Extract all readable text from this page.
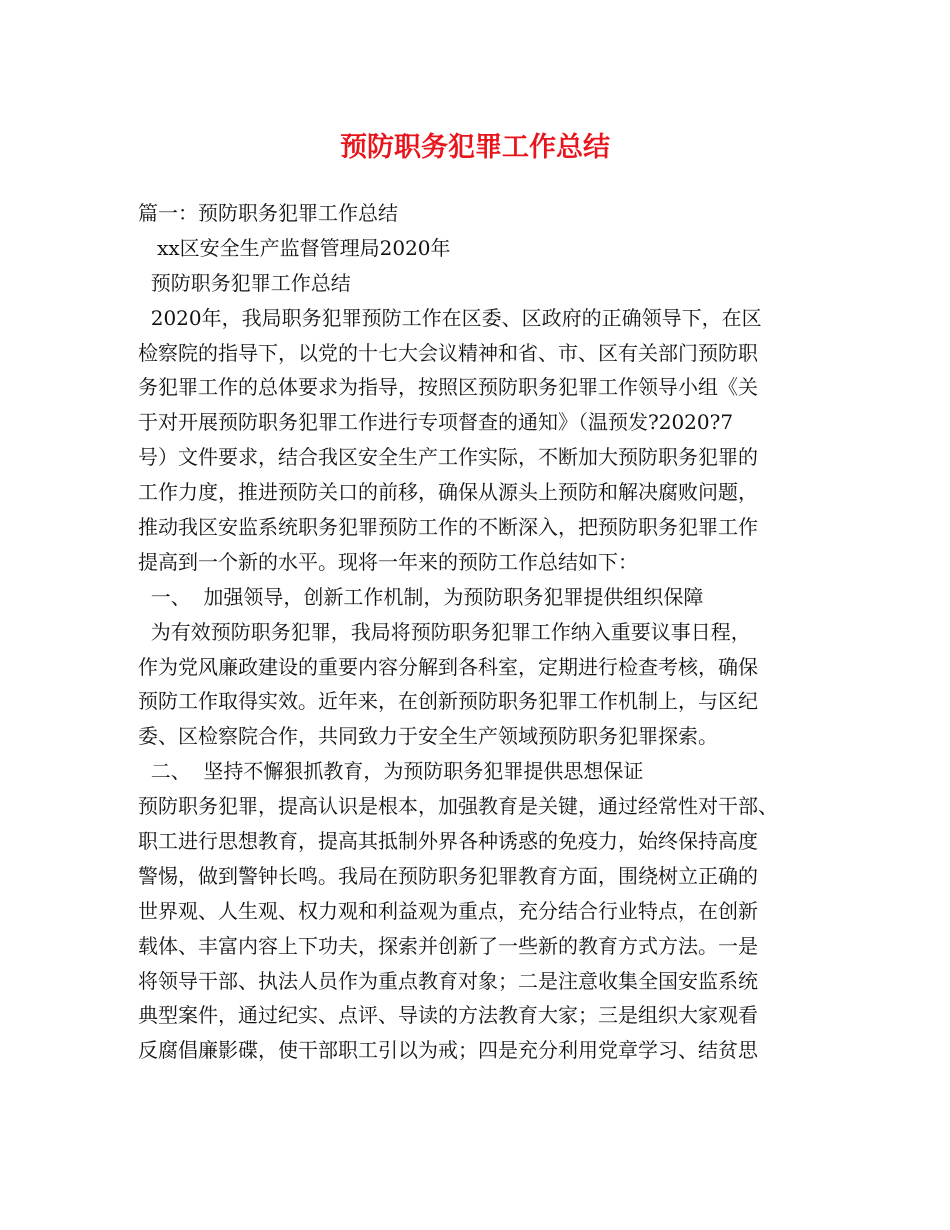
预防职务犯罪工作总结
篇一：预防职务犯罪工作总结
xx区安全生产监督管理局2020年
预防职务犯罪工作总结
2020年，我局职务犯罪预防工作在区委、区政府的正确领导下，在区
检察院的指导下，以党的十七大会议精神和省、市、区有关部门预防职
务犯罪工作的总体要求为指导，按照区预防职务犯罪工作领导小组《关
于对开展预防职务犯罪工作进行专项督查的通知》（温预发?2020?7
号）文件要求，结合我区安全生产工作实际，不断加大预防职务犯罪的
工作力度，推进预防关口的前移，确保从源头上预防和解决腐败问题，
推动我区安监系统职务犯罪预防工作的不断深入，把预防职务犯罪工作
提高到一个新的水平。现将一年来的预防工作总结如下：
一、  加强领导，创新工作机制，为预防职务犯罪提供组织保障
为有效预防职务犯罪，我局将预防职务犯罪工作纳入重要议事日程，
作为党风廉政建设的重要内容分解到各科室，定期进行检查考核，确保
预防工作取得实效。近年来，在创新预防职务犯罪工作机制上，与区纪
委、区检察院合作，共同致力于安全生产领域预防职务犯罪探索。
二、  坚持不懈狠抓教育，为预防职务犯罪提供思想保证
预防职务犯罪，提高认识是根本，加强教育是关键，通过经常性对干部、
职工进行思想教育，提高其抵制外界各种诱惑的免疫力，始终保持高度
警惕，做到警钟长鸣。我局在预防职务犯罪教育方面，围绕树立正确的
世界观、人生观、权力观和利益观为重点，充分结合行业特点，在创新
载体、丰富内容上下功夫，探索并创新了一些新的教育方式方法。一是
将领导干部、执法人员作为重点教育对象；二是注意收集全国安监系统
典型案件，通过纪实、点评、导读的方法教育大家；三是组织大家观看
反腐倡廉影碟，使干部职工引以为戒；四是充分利用党章学习、结贫思
